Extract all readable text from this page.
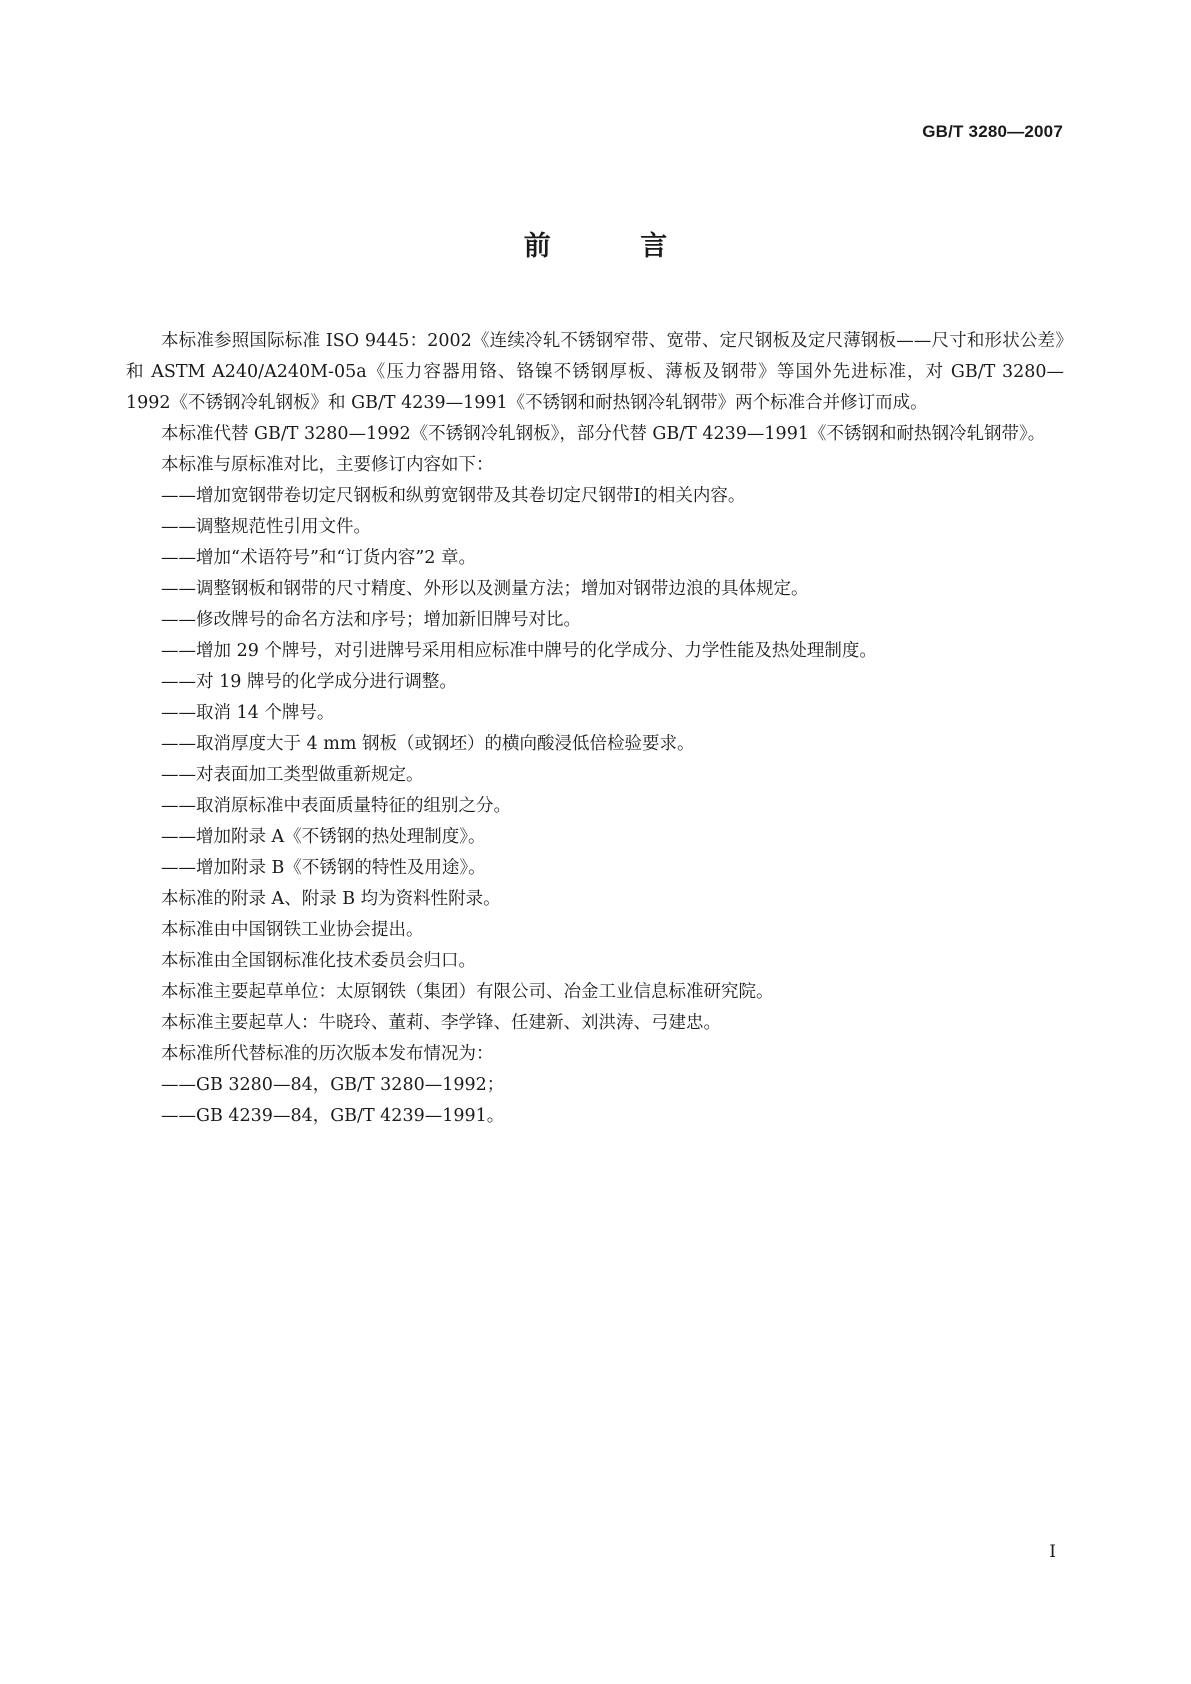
GB/T 3280—2007
前 言

本标准参照国际标准 ISO 9445：2002《连续冷轧不锈钢窄带、宽带、定尺钢板及定尺薄钢板——尺寸和形状公差》和 ASTM A240/A240M-05a《压力容器用铬、铬镍不锈钢厚板、薄板及钢带》等国外先进标准，对 GB/T 3280—1992《不锈钢冷轧钢板》和 GB/T 4239—1991《不锈钢和耐热钢冷轧钢带》两个标准合并修订而成。

本标准代替 GB/T 3280—1992《不锈钢冷轧钢板》，部分代替 GB/T 4239—1991《不锈钢和耐热钢冷轧钢带》。

本标准与原标准对比，主要修订内容如下：

——增加宽钢带卷切定尺钢板和纵剪宽钢带及其卷切定尺钢带Ⅰ的相关内容。

——调整规范性引用文件。

——增加“术语符号”和“订货内容”2 章。

——调整钢板和钢带的尺寸精度、外形以及测量方法；增加对钢带边浪的具体规定。

——修改牌号的命名方法和序号；增加新旧牌号对比。

——增加 29 个牌号，对引进牌号采用相应标准中牌号的化学成分、力学性能及热处理制度。

——对 19 牌号的化学成分进行调整。

——取消 14 个牌号。

——取消厚度大于 4 mm 钢板（或钢坯）的横向酸浸低倍检验要求。

——对表面加工类型做重新规定。

——取消原标准中表面质量特征的组别之分。

——增加附录 A《不锈钢的热处理制度》。

——增加附录 B《不锈钢的特性及用途》。

本标准的附录 A、附录 B 均为资料性附录。

本标准由中国钢铁工业协会提出。

本标准由全国钢标准化技术委员会归口。

本标准主要起草单位：太原钢铁（集团）有限公司、冶金工业信息标准研究院。

本标准主要起草人：牛晓玲、董莉、李学锋、任建新、刘洪涛、弓建忠。

本标准所代替标准的历次版本发布情况为：

——GB 3280—84，GB/T 3280—1992；

——GB 4239—84，GB/T 4239—1991。

I
